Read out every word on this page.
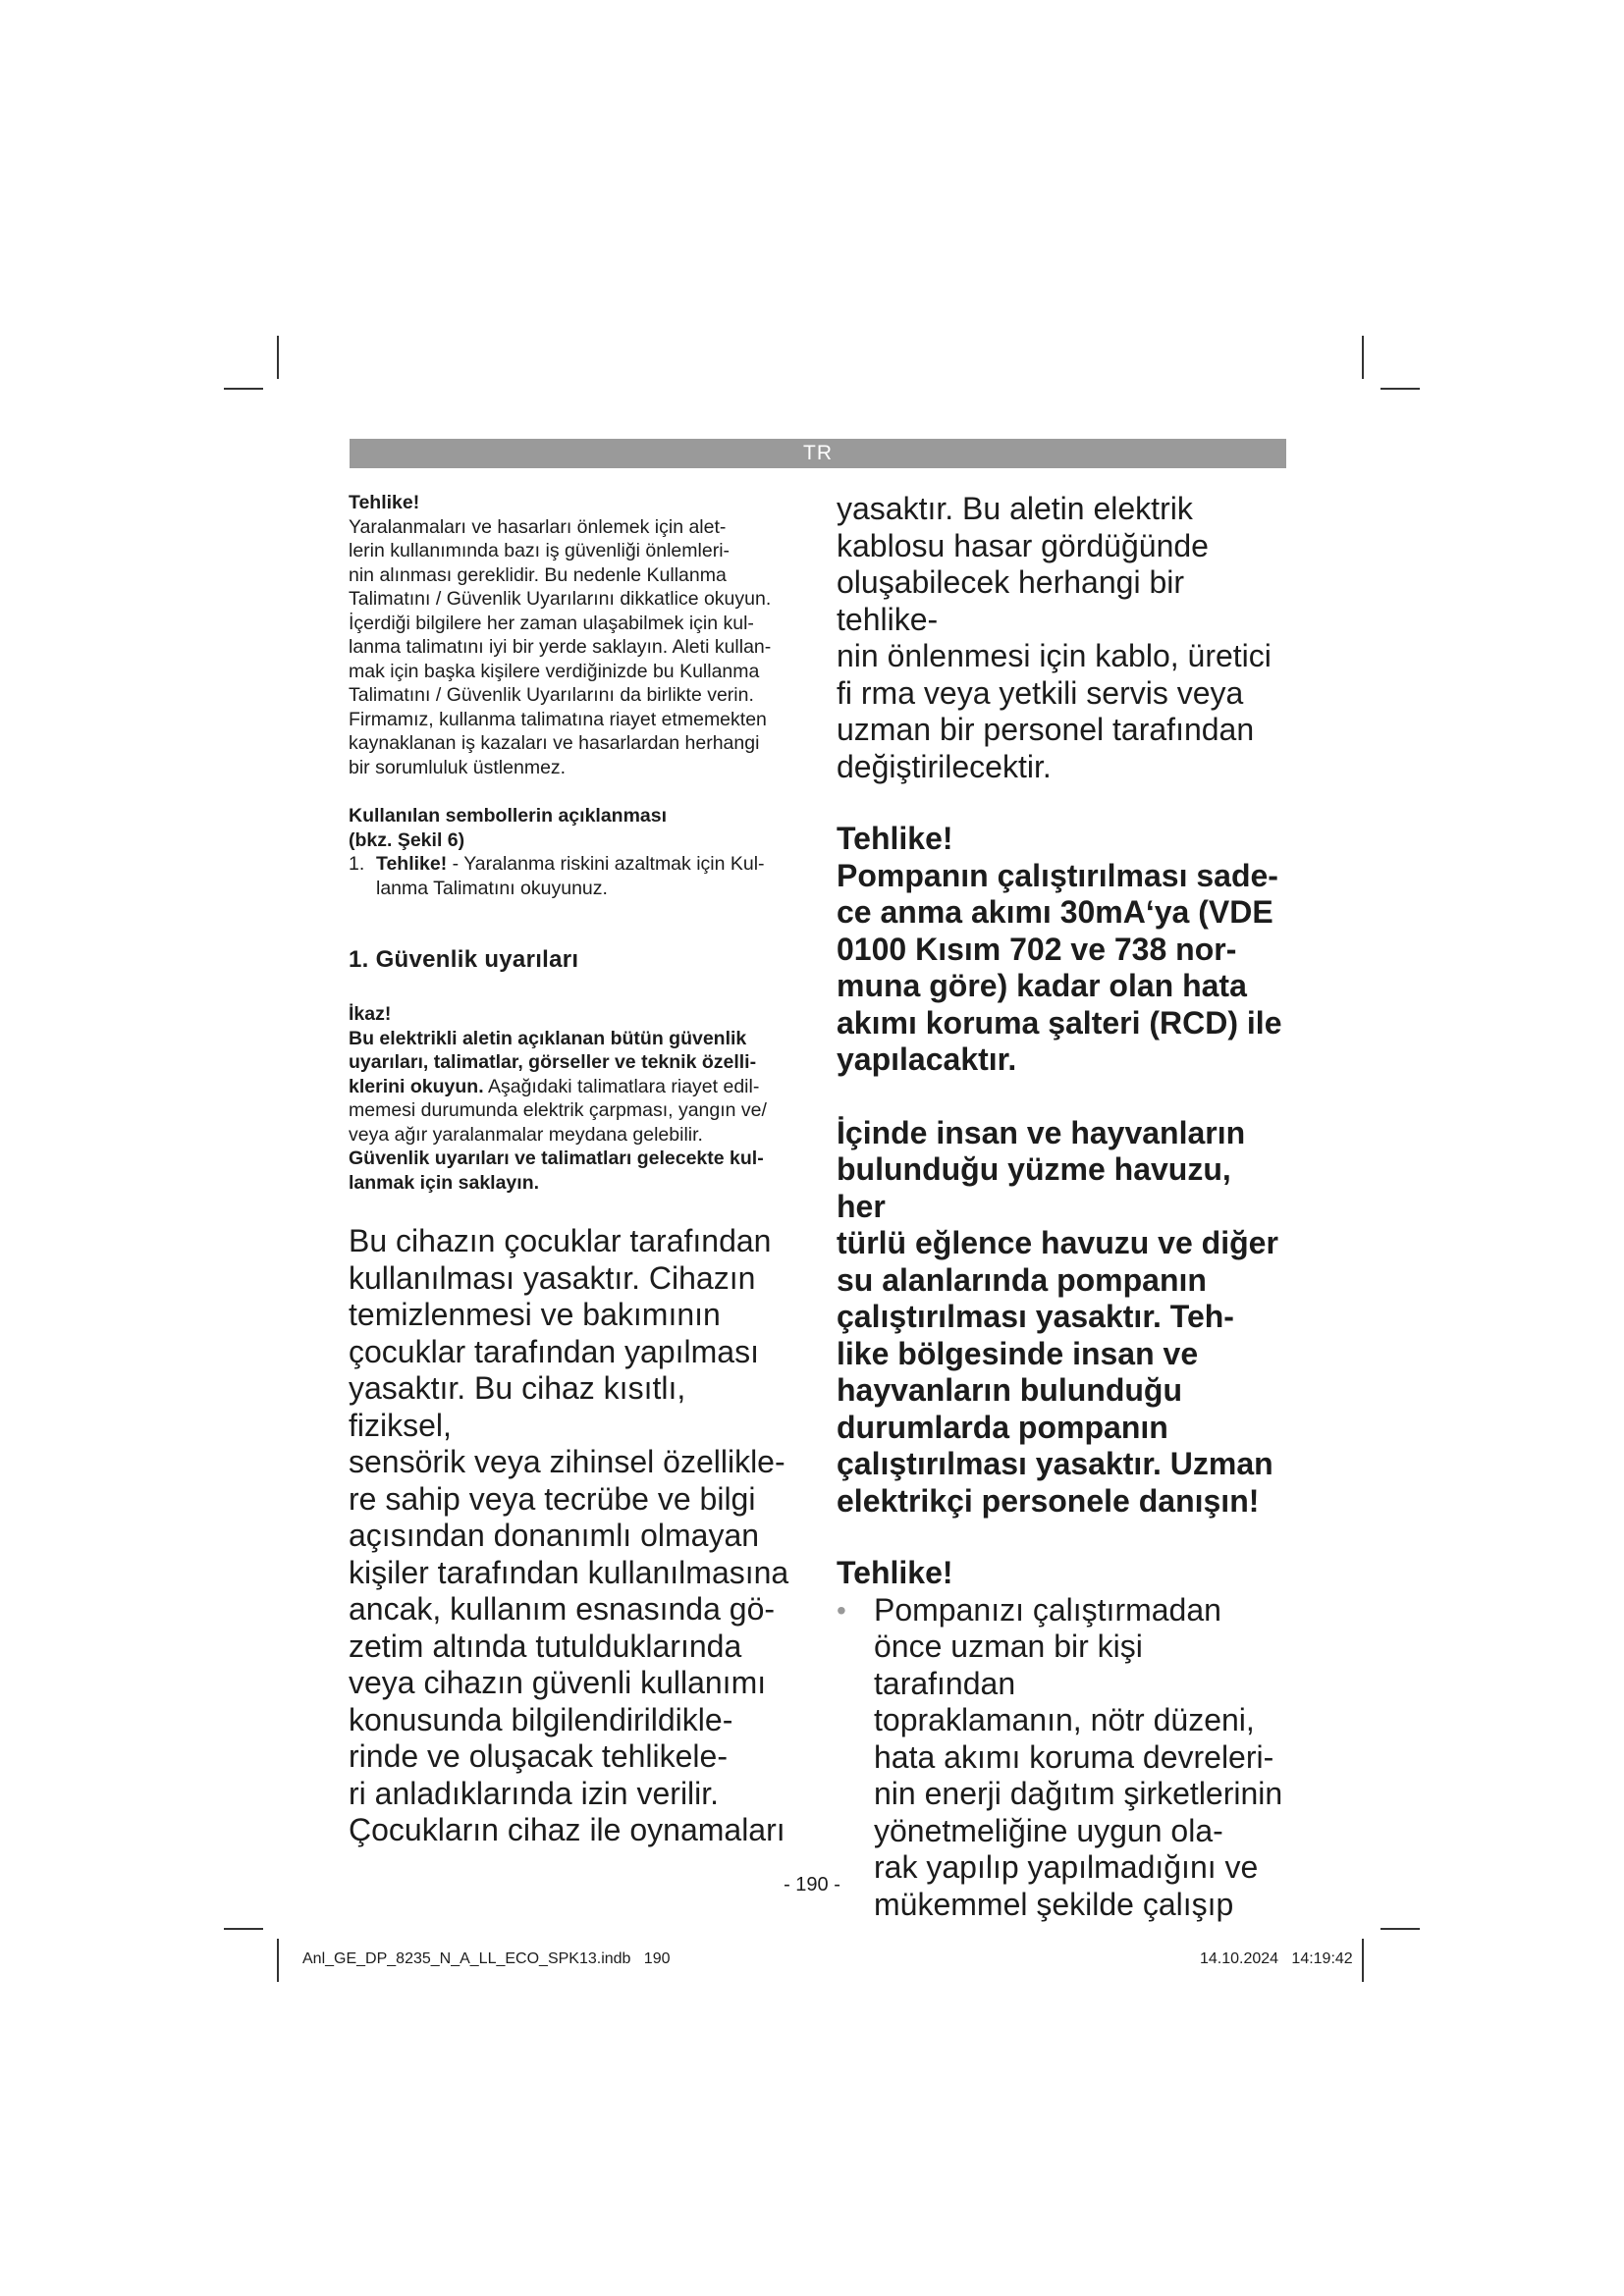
TR

Tehlike!

Yaralanmaları ve hasarları önlemek için alet-

lerin kullanımında bazı iş güvenliği önlemleri-

nin alınması gereklidir. Bu nedenle Kullanma

Talimatını / Güvenlik Uyarılarını dikkatlice okuyun.

İçerdiği bilgilere her zaman ulaşabilmek için kul-

lanma talimatını iyi bir yerde saklayın. Aleti kullan-

mak için başka kişilere verdiğinizde bu Kullanma

Talimatını / Güvenlik Uyarılarını da birlikte verin.

Firmamız, kullanma talimatına riayet etmemekten

kaynaklanan iş kazaları ve hasarlardan herhangi

bir sorumluluk üstlenmez.

Kullanılan sembollerin açıklanması

(bkz. Şekil 6)

1. Tehlike! - Yaralanma riskini azaltmak için Kul-

lanma Talimatını okuyunuz.

1. Güvenlik uyarıları

İkaz!

Bu elektrikli aletin açıklanan bütün güvenlik

uyarıları, talimatlar, görseller ve teknik özelli-

klerini okuyun. Aşağıdaki talimatlara riayet edil-

memesi durumunda elektrik çarpması, yangın ve/

veya ağır yaralanmalar meydana gelebilir.

Güvenlik uyarıları ve talimatları gelecekte kul-

lanmak için saklayın.

Bu cihazın çocuklar tarafından

kullanılması yasaktır. Cihazın

temizlenmesi ve bakımının

çocuklar tarafından yapılması

yasaktır. Bu cihaz kısıtlı, fiziksel,

sensörik veya zihinsel özellikle-

re sahip veya tecrübe ve bilgi

açısından donanımlı olmayan

kişiler tarafından kullanılmasına

ancak, kullanım esnasında gö-

zetim altında tutulduklarında

veya cihazın güvenli kullanımı

konusunda bilgilendirildikle-

rinde ve oluşacak tehlikele-

ri anladıklarında izin verilir.

Çocukların cihaz ile oynamaları

yasaktır. Bu aletin elektrik

kablosu hasar gördüğünde

oluşabilecek herhangi bir tehlike-

nin önlenmesi için kablo, üretici

fi rma veya yetkili servis veya

uzman bir personel tarafından

değiştirilecektir.

Tehlike!

Pompanın çalıştırılması sade-

ce anma akımı 30mA‘ya (VDE

0100 Kısım 702 ve 738 nor-

muna göre) kadar olan hata

akımı koruma şalteri (RCD) ile

yapılacaktır.

İçinde insan ve hayvanların

bulunduğu yüzme havuzu, her

türlü eğlence havuzu ve diğer

su alanlarında pompanın

çalıştırılması yasaktır. Teh-

like bölgesinde insan ve

hayvanların bulunduğu

durumlarda pompanın

çalıştırılması yasaktır. Uzman

elektrikçi personele danışın!

Tehlike!

• Pompanızı çalıştırmadan

önce uzman bir kişi tarafından

topraklamanın, nötr düzeni,

hata akımı koruma devreleri-

nin enerji dağıtım şirketlerinin

yönetmeliğine uygun ola-

rak yapılıp yapılmadığını ve

mükemmel şekilde çalışıp

- 190 -
Anl_GE_DP_8235_N_A_LL_ECO_SPK13.indb   190	14.10.2024   14:19:42
